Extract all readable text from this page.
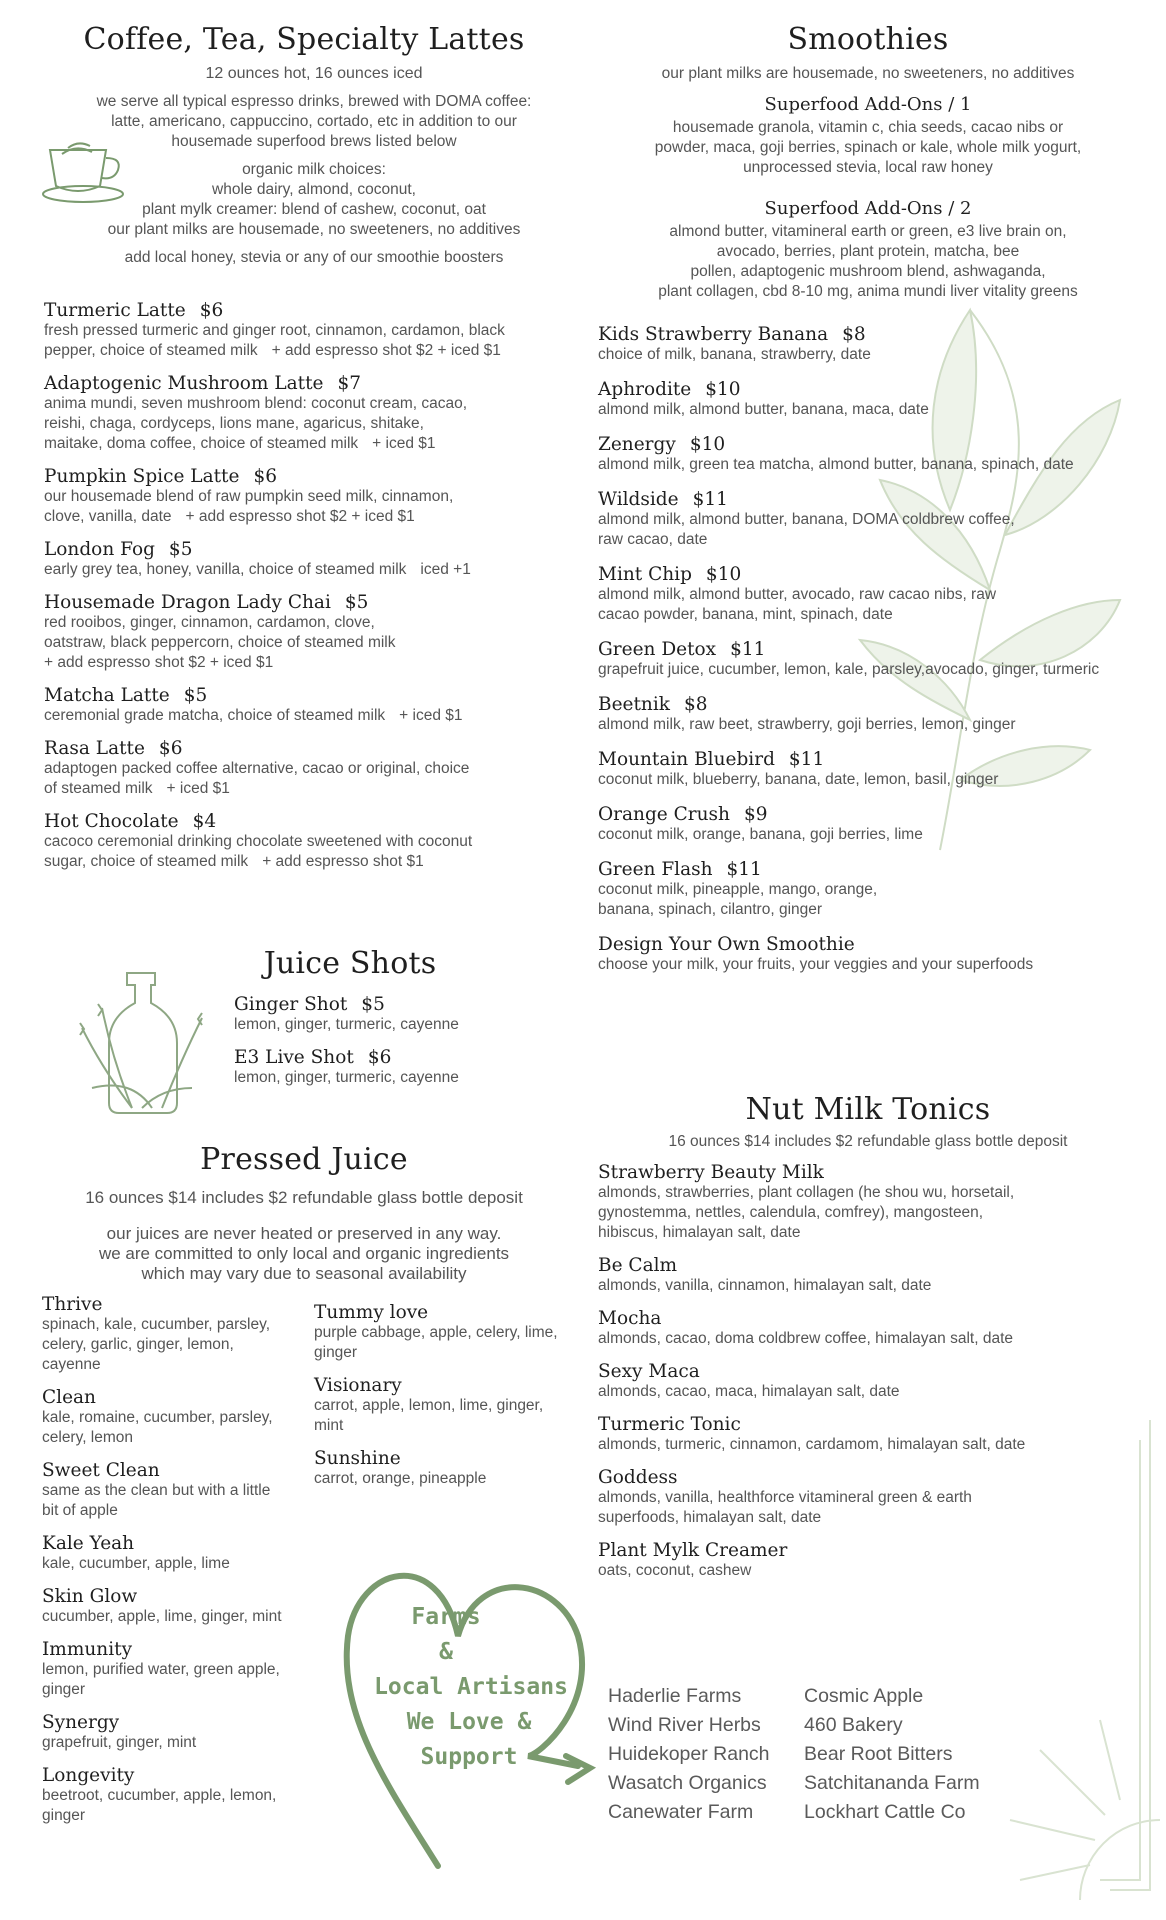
Coffee, Tea, Specialty Lattes
12 ounces hot, 16 ounces iced
we serve all typical espresso drinks, brewed with DOMA coffee:
latte, americano, cappuccino, cortado, etc in addition to our
housemade superfood brews listed below
organic milk choices:
whole dairy, almond, coconut,
plant mylk creamer: blend of cashew, coconut, oat
our plant milks are housemade, no sweeteners, no additives
add local honey, stevia or any of our smoothie boosters
Turmeric Latte $6
fresh pressed turmeric and ginger root, cinnamon, cardamon, black
pepper, choice of steamed milk + add espresso shot $2 + iced $1
Adaptogenic Mushroom Latte $7
anima mundi, seven mushroom blend: coconut cream, cacao,
reishi, chaga, cordyceps, lions mane, agaricus, shitake,
maitake, doma coffee, choice of steamed milk + iced $1
Pumpkin Spice Latte $6
our housemade blend of raw pumpkin seed milk, cinnamon,
clove, vanilla, date + add espresso shot $2 + iced $1
London Fog $5
early grey tea, honey, vanilla, choice of steamed milk iced +1
Housemade Dragon Lady Chai $5
red rooibos, ginger, cinnamon, cardamon, clove,
oatstraw, black peppercorn, choice of steamed milk
+ add espresso shot $2 + iced $1
Matcha Latte $5
ceremonial grade matcha, choice of steamed milk + iced $1
Rasa Latte $6
adaptogen packed coffee alternative, cacao or original, choice
of steamed milk + iced $1
Hot Chocolate $4
cacoco ceremonial drinking chocolate sweetened with coconut
sugar, choice of steamed milk + add espresso shot $1
Juice Shots
Ginger Shot $5
lemon, ginger, turmeric, cayenne
E3 Live Shot $6
lemon, ginger, turmeric, cayenne
Pressed Juice
16 ounces $14 includes $2 refundable glass bottle deposit
our juices are never heated or preserved in any way.
we are committed to only local and organic ingredients
which may vary due to seasonal availability
Thrive
spinach, kale, cucumber, parsley,
celery, garlic, ginger, lemon,
cayenne
Clean
kale, romaine, cucumber, parsley,
celery, lemon
Sweet Clean
same as the clean but with a little
bit of apple
Kale Yeah
kale, cucumber, apple, lime
Skin Glow
cucumber, apple, lime, ginger, mint
Immunity
lemon, purified water, green apple,
ginger
Synergy
grapefruit, ginger, mint
Longevity
beetroot, cucumber, apple, lemon,
ginger
Tummy love
purple cabbage, apple, celery, lime,
ginger
Visionary
carrot, apple, lemon, lime, ginger,
mint
Sunshine
carrot, orange, pineapple
Farms
&
Local Artisans
We Love &
Support
Smoothies
our plant milks are housemade, no sweeteners, no additives
Superfood Add-Ons / 1
housemade granola, vitamin c, chia seeds, cacao nibs or
powder, maca, goji berries, spinach or kale, whole milk yogurt,
unprocessed stevia, local raw honey
Superfood Add-Ons / 2
almond butter, vitamineral earth or green, e3 live brain on,
avocado, berries, plant protein, matcha, bee
pollen, adaptogenic mushroom blend, ashwaganda,
plant collagen, cbd 8-10 mg, anima mundi liver vitality greens
Kids Strawberry Banana $8
choice of milk, banana, strawberry, date
Aphrodite $10
almond milk, almond butter, banana, maca, date
Zenergy $10
almond milk, green tea matcha, almond butter, banana, spinach, date
Wildside $11
almond milk, almond butter, banana, DOMA coldbrew coffee,
raw cacao, date
Mint Chip $10
almond milk, almond butter, avocado, raw cacao nibs, raw
cacao powder, banana, mint, spinach, date
Green Detox $11
grapefruit juice, cucumber, lemon, kale, parsley,avocado, ginger, turmeric
Beetnik $8
almond milk, raw beet, strawberry, goji berries, lemon, ginger
Mountain Bluebird $11
coconut milk, blueberry, banana, date, lemon, basil, ginger
Orange Crush $9
coconut milk, orange, banana, goji berries, lime
Green Flash $11
coconut milk, pineapple, mango, orange,
banana, spinach, cilantro, ginger
Design Your Own Smoothie
choose your milk, your fruits, your veggies and your superfoods
Nut Milk Tonics
16 ounces $14 includes $2 refundable glass bottle deposit
Strawberry Beauty Milk
almonds, strawberries, plant collagen (he shou wu, horsetail,
gynostemma, nettles, calendula, comfrey), mangosteen,
hibiscus, himalayan salt, date
Be Calm
almonds, vanilla, cinnamon, himalayan salt, date
Mocha
almonds, cacao, doma coldbrew coffee, himalayan salt, date
Sexy Maca
almonds, cacao, maca, himalayan salt, date
Turmeric Tonic
almonds, turmeric, cinnamon, cardamom, himalayan salt, date
Goddess
almonds, vanilla, healthforce vitamineral green & earth
superfoods, himalayan salt, date
Plant Mylk Creamer
oats, coconut, cashew
Haderlie Farms
Wind River Herbs
Huidekoper Ranch
Wasatch Organics
Canewater Farm
Cosmic Apple
460 Bakery
Bear Root Bitters
Satchitananda Farm
Lockhart Cattle Co
